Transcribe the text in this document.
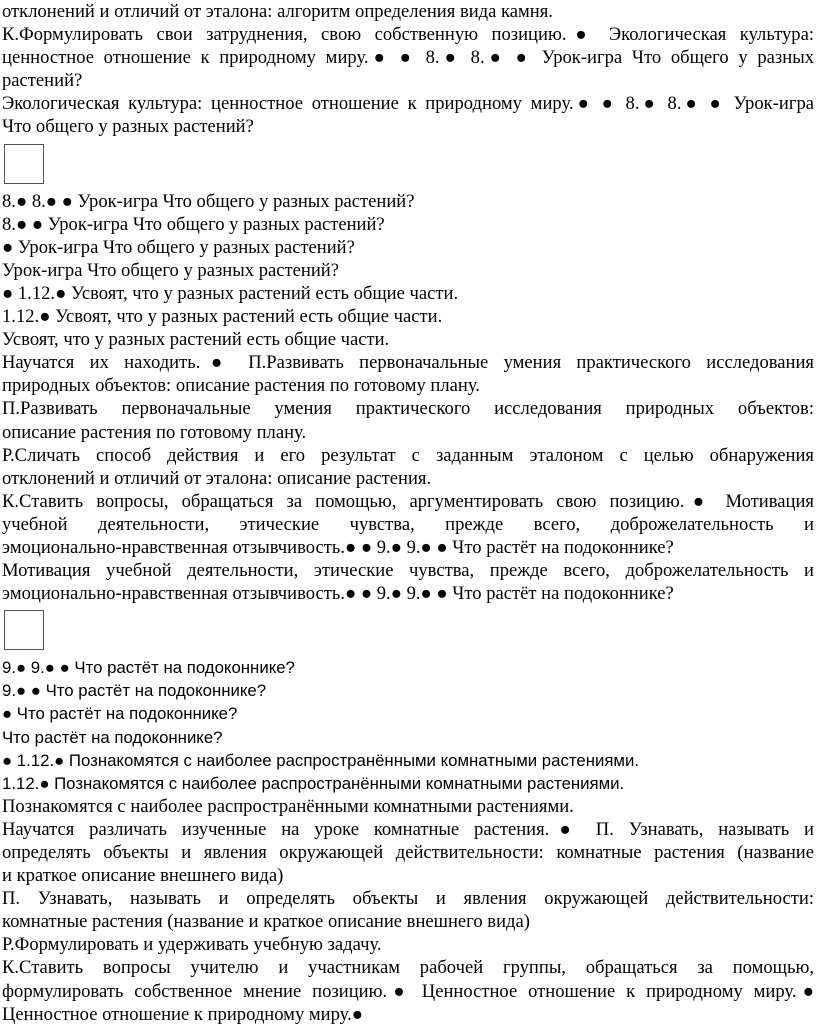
отклонений и отличий от эталона: алгоритм определения вида камня.
К.Формулировать свои затруднения, свою собственную позицию.● Экологическая культура:
ценностное отношение к природному миру.● ● 8.● 8.● ● Урок-игра Что общего у разных
растений?
Экологическая культура: ценностное отношение к природному миру.● ● 8.● 8.● ● Урок-игра
Что общего у разных растений?
8.● 8.● ● Урок-игра Что общего у разных растений?
8.● ● Урок-игра Что общего у разных растений?
● Урок-игра Что общего у разных растений?
Урок-игра Что общего у разных растений?
● 1.12.● Усвоят, что у разных растений есть общие части.
1.12.● Усвоят, что у разных растений есть общие части.
Усвоят, что у разных растений есть общие части.
Научатся их находить.● П.Развивать первоначальные умения практического исследования
природных объектов: описание растения по готовому плану.
П.Развивать первоначальные умения практического исследования природных объектов:
описание растения по готовому плану.
Р.Сличать способ действия и его результат с заданным эталоном с целью обнаружения
отклонений и отличий от эталона: описание растения.
К.Ставить вопросы, обращаться за помощью, аргументировать свою позицию.● Мотивация
учебной деятельности, этические чувства, прежде всего, доброжелательность и
эмоционально-нравственная отзывчивость.● ● 9.● 9.● ● Что растёт на подоконнике?
Мотивация учебной деятельности, этические чувства, прежде всего, доброжелательность и
эмоционально-нравственная отзывчивость.● ● 9.● 9.● ● Что растёт на подоконнике?
9.● 9.● ● Что растёт на подоконнике?
9.● ● Что растёт на подоконнике?
● Что растёт на подоконнике?
Что растёт на подоконнике?
● 1.12.● Познакомятся с наиболее распространёнными комнатными растениями.
1.12.● Познакомятся с наиболее распространёнными комнатными растениями.
Познакомятся с наиболее распространёнными комнатными растениями.
Научатся различать изученные на уроке комнатные растения.● П. Узнавать, называть и
определять объекты и явления окружающей действительности: комнатные растения (название
и краткое описание внешнего вида)
П. Узнавать, называть и определять объекты и явления окружающей действительности:
комнатные растения (название и краткое описание внешнего вида)
Р.Формулировать и удерживать учебную задачу.
К.Ставить вопросы учителю и участникам рабочей группы, обращаться за помощью,
формулировать собственное мнение позицию.● Ценностное отношение к природному миру.●
Ценностное отношение к природному миру.●
